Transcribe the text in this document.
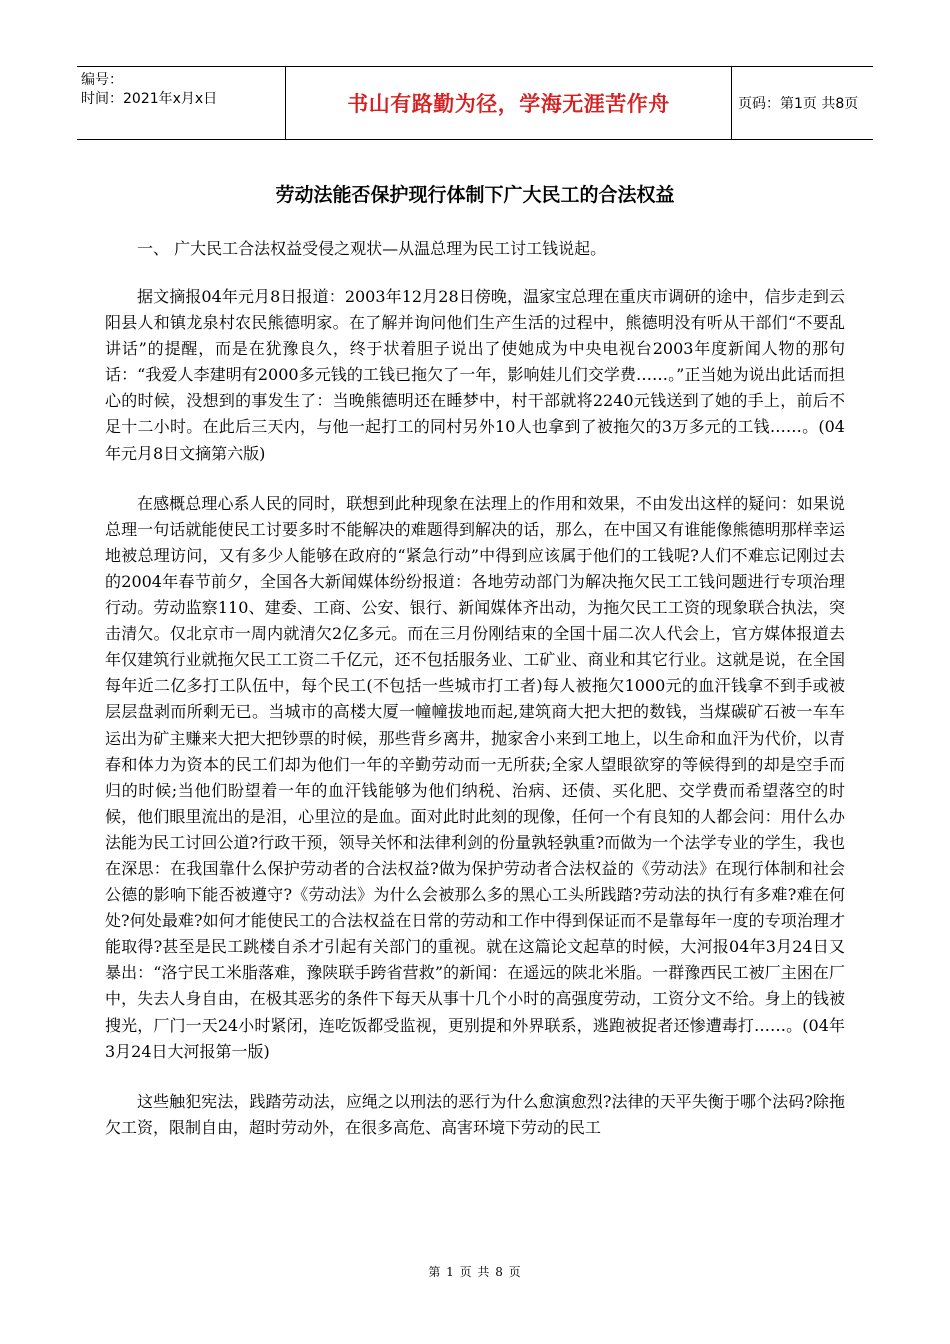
编号：
时间：2021年x月x日	书山有路勤为径，学海无涯苦作舟	页码：第1页 共8页
劳动法能否保护现行体制下广大民工的合法权益
一、 广大民工合法权益受侵之观状—从温总理为民工讨工钱说起。

据文摘报04年元月8日报道：2003年12月28日傍晚，温家宝总理在重庆市调研的途中，信步走到云阳县人和镇龙泉村农民熊德明家。在了解并询问他们生产生活的过程中，熊德明没有听从干部们“不要乱讲话”的提醒，而是在犹豫良久，终于状着胆子说出了使她成为中央电视台2003年度新闻人物的那句话：“我爱人李建明有2000多元钱的工钱已拖欠了一年，影响娃儿们交学费……。”正当她为说出此话而担心的时候，没想到的事发生了：当晚熊德明还在睡梦中，村干部就将2240元钱送到了她的手上，前后不足十二小时。在此后三天内，与他一起打工的同村另外10人也拿到了被拖欠的3万多元的工钱……。(04年元月8日文摘第六版)

在感概总理心系人民的同时，联想到此种现象在法理上的作用和效果，不由发出这样的疑问：如果说总理一句话就能使民工讨要多时不能解决的难题得到解决的话，那么，在中国又有谁能像熊德明那样幸运地被总理访问，又有多少人能够在政府的“紧急行动”中得到应该属于他们的工钱呢?人们不难忘记刚过去的2004年春节前夕，全国各大新闻媒体纷纷报道：各地劳动部门为解决拖欠民工工钱问题进行专项治理行动。劳动监察110、建委、工商、公安、银行、新闻媒体齐出动，为拖欠民工工资的现象联合执法，突击清欠。仅北京市一周内就清欠2亿多元。而在三月份刚结束的全国十届二次人代会上，官方媒体报道去年仅建筑行业就拖欠民工工资二千亿元，还不包括服务业、工矿业、商业和其它行业。这就是说，在全国每年近二亿多打工队伍中，每个民工(不包括一些城市打工者)每人被拖欠1000元的血汗钱拿不到手或被层层盘剥而所剩无已。当城市的高楼大厦一幢幢拔地而起,建筑商大把大把的数钱，当煤碳矿石被一车车运出为矿主赚来大把大把钞票的时候，那些背乡离井，抛家舍小来到工地上，以生命和血汗为代价，以青春和体力为资本的民工们却为他们一年的辛勤劳动而一无所获;全家人望眼欲穿的等候得到的却是空手而归的时候;当他们盼望着一年的血汗钱能够为他们纳税、治病、还债、买化肥、交学费而希望落空的时候，他们眼里流出的是泪，心里泣的是血。面对此时此刻的现像，任何一个有良知的人都会问：用什么办法能为民工讨回公道?行政干预，领导关怀和法律利剑的份量孰轻孰重?而做为一个法学专业的学生，我也在深思：在我国靠什么保护劳动者的合法权益?做为保护劳动者合法权益的《劳动法》在现行体制和社会公德的影响下能否被遵守?《劳动法》为什么会被那么多的黑心工头所践踏?劳动法的执行有多难?难在何处?何处最难?如何才能使民工的合法权益在日常的劳动和工作中得到保证而不是靠每年一度的专项治理才能取得?甚至是民工跳楼自杀才引起有关部门的重视。就在这篇论文起草的时候，大河报04年3月24日又暴出：“洛宁民工米脂落难，豫陕联手跨省营救”的新闻：在遥远的陕北米脂。一群豫西民工被厂主困在厂中，失去人身自由，在极其恶劣的条件下每天从事十几个小时的高强度劳动，工资分文不给。身上的钱被搜光，厂门一天24小时紧闭，连吃饭都受监视，更别提和外界联系，逃跑被捉者还惨遭毒打……。(04年3月24日大河报第一版)

这些触犯宪法，践踏劳动法，应绳之以刑法的恶行为什么愈演愈烈?法律的天平失衡于哪个法码?除拖欠工资，限制自由，超时劳动外，在很多高危、高害环境下劳动的民工

第 1 页 共 8 页
